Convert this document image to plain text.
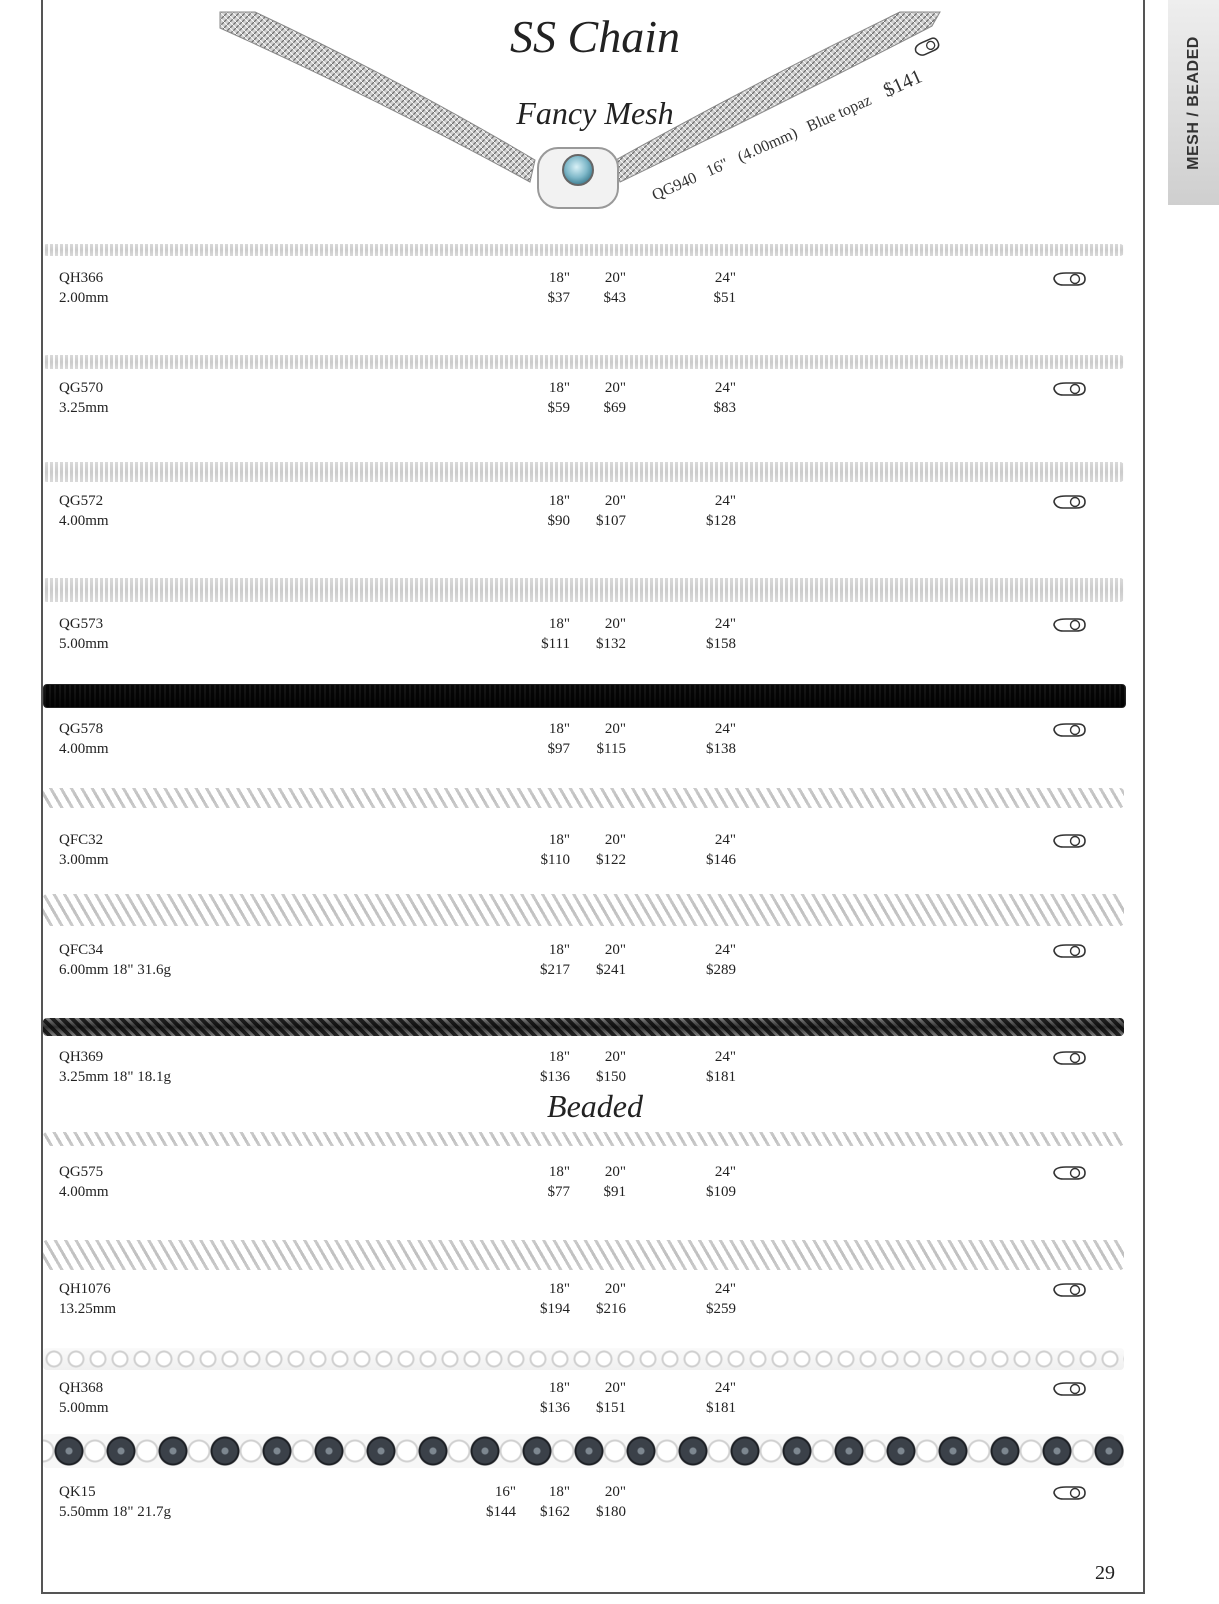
MESH / BEADED
SS Chain
Fancy Mesh
QG940   16"   (4.00mm)   Blue topaz    $141
Beaded
QH366
2.00mm
18"
$37
20"
$43
24"
$51
QG570
3.25mm
18"
$59
20"
$69
24"
$83
QG572
4.00mm
18"
$90
20"
$107
24"
$128
QG573
5.00mm
18"
$111
20"
$132
24"
$158
QG578
4.00mm
18"
$97
20"
$115
24"
$138
QFC32
3.00mm
18"
$110
20"
$122
24"
$146
QFC34
6.00mm 18" 31.6g
18"
$217
20"
$241
24"
$289
QH369
3.25mm 18" 18.1g
18"
$136
20"
$150
24"
$181
QG575
4.00mm
18"
$77
20"
$91
24"
$109
QH1076
13.25mm
18"
$194
20"
$216
24"
$259
QH368
5.00mm
18"
$136
20"
$151
24"
$181
QK15
5.50mm 18" 21.7g
16"
$144
18"
$162
20"
$180
29
